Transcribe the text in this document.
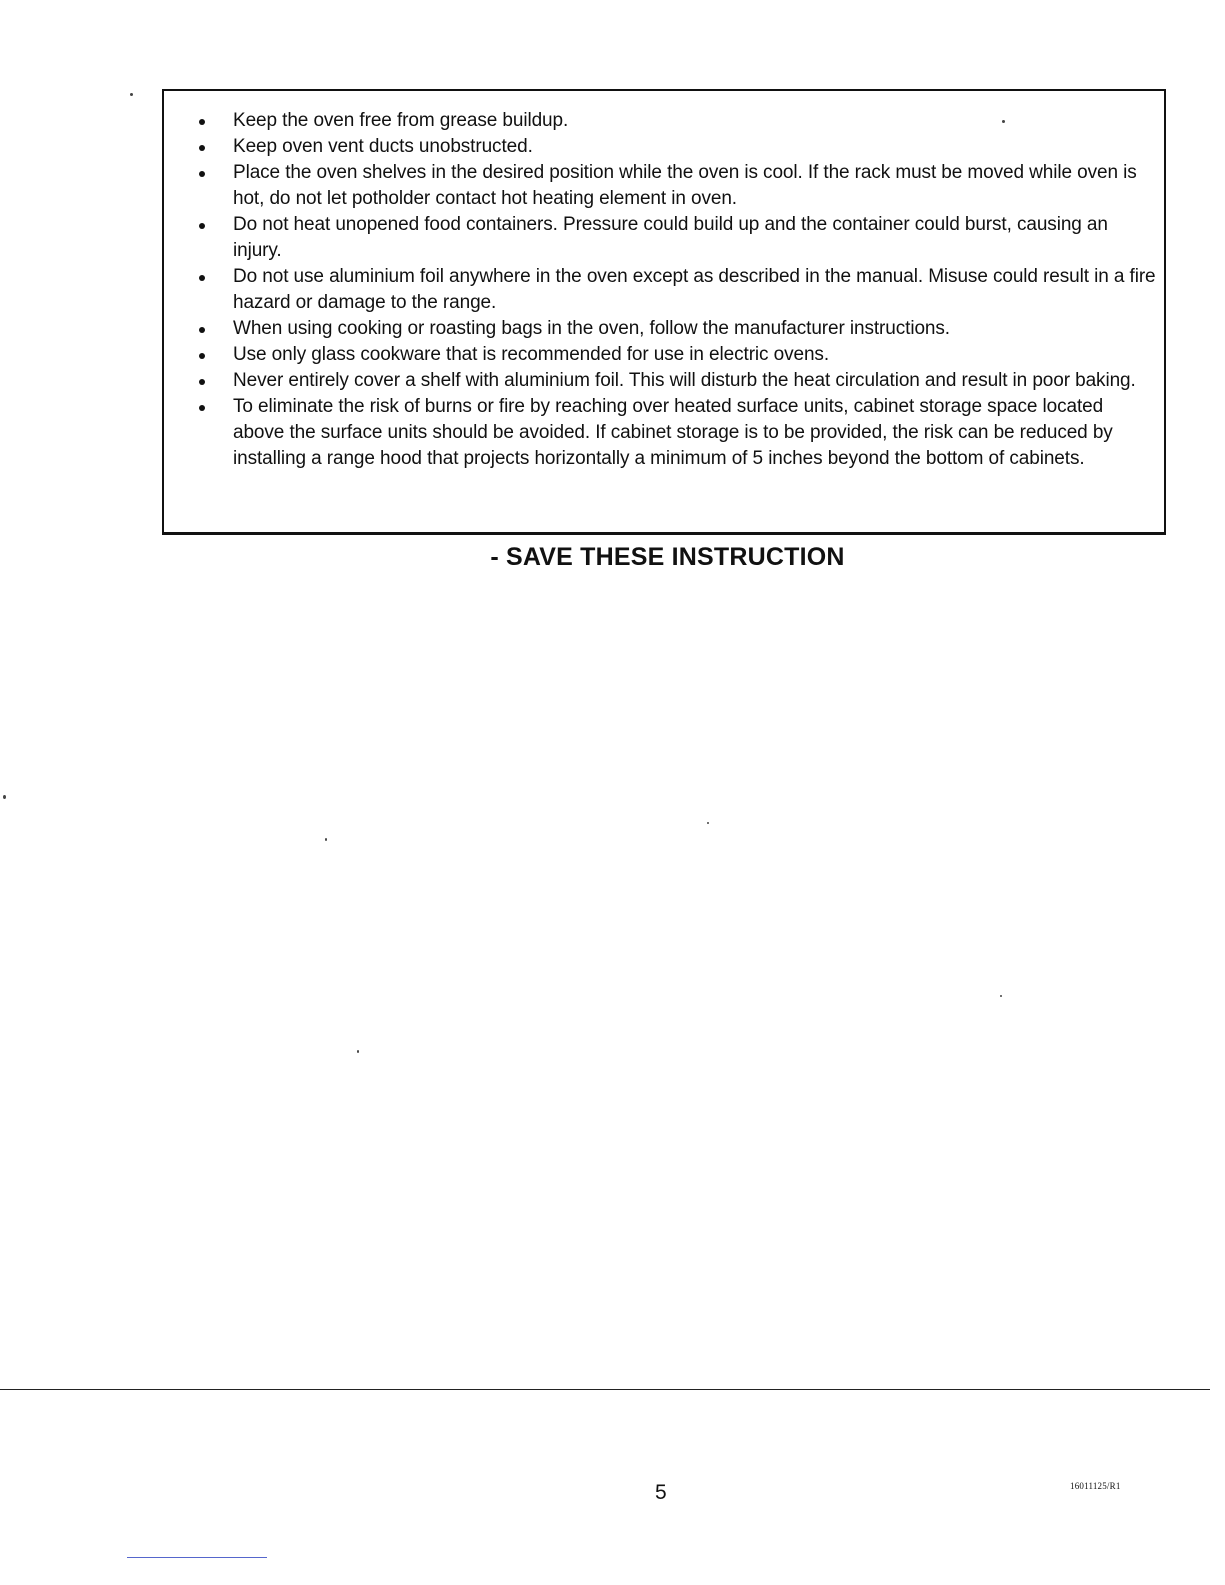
Keep the oven free from grease buildup.
Keep oven vent ducts unobstructed.
Place the oven shelves in the desired position while the oven is cool. If the rack must be moved while oven is hot, do not let potholder contact hot heating element in oven.
Do not heat unopened food containers. Pressure could build up and the container could burst, causing an injury.
Do not use aluminium foil anywhere in the oven except as described in the manual. Misuse could result in a fire hazard or damage to the range.
When using cooking or roasting bags in the oven, follow the manufacturer instructions.
Use only glass cookware that is recommended for use in electric ovens.
Never entirely cover a shelf with aluminium foil. This will disturb the heat circulation and result in poor baking.
To eliminate the risk of burns or fire by reaching over heated surface units, cabinet storage space located above the surface units should be avoided. If cabinet storage is to be provided, the risk can be reduced by installing a range hood that projects horizontally a minimum of 5 inches beyond the bottom of cabinets.
- SAVE THESE INSTRUCTION
5	16011125/R1
